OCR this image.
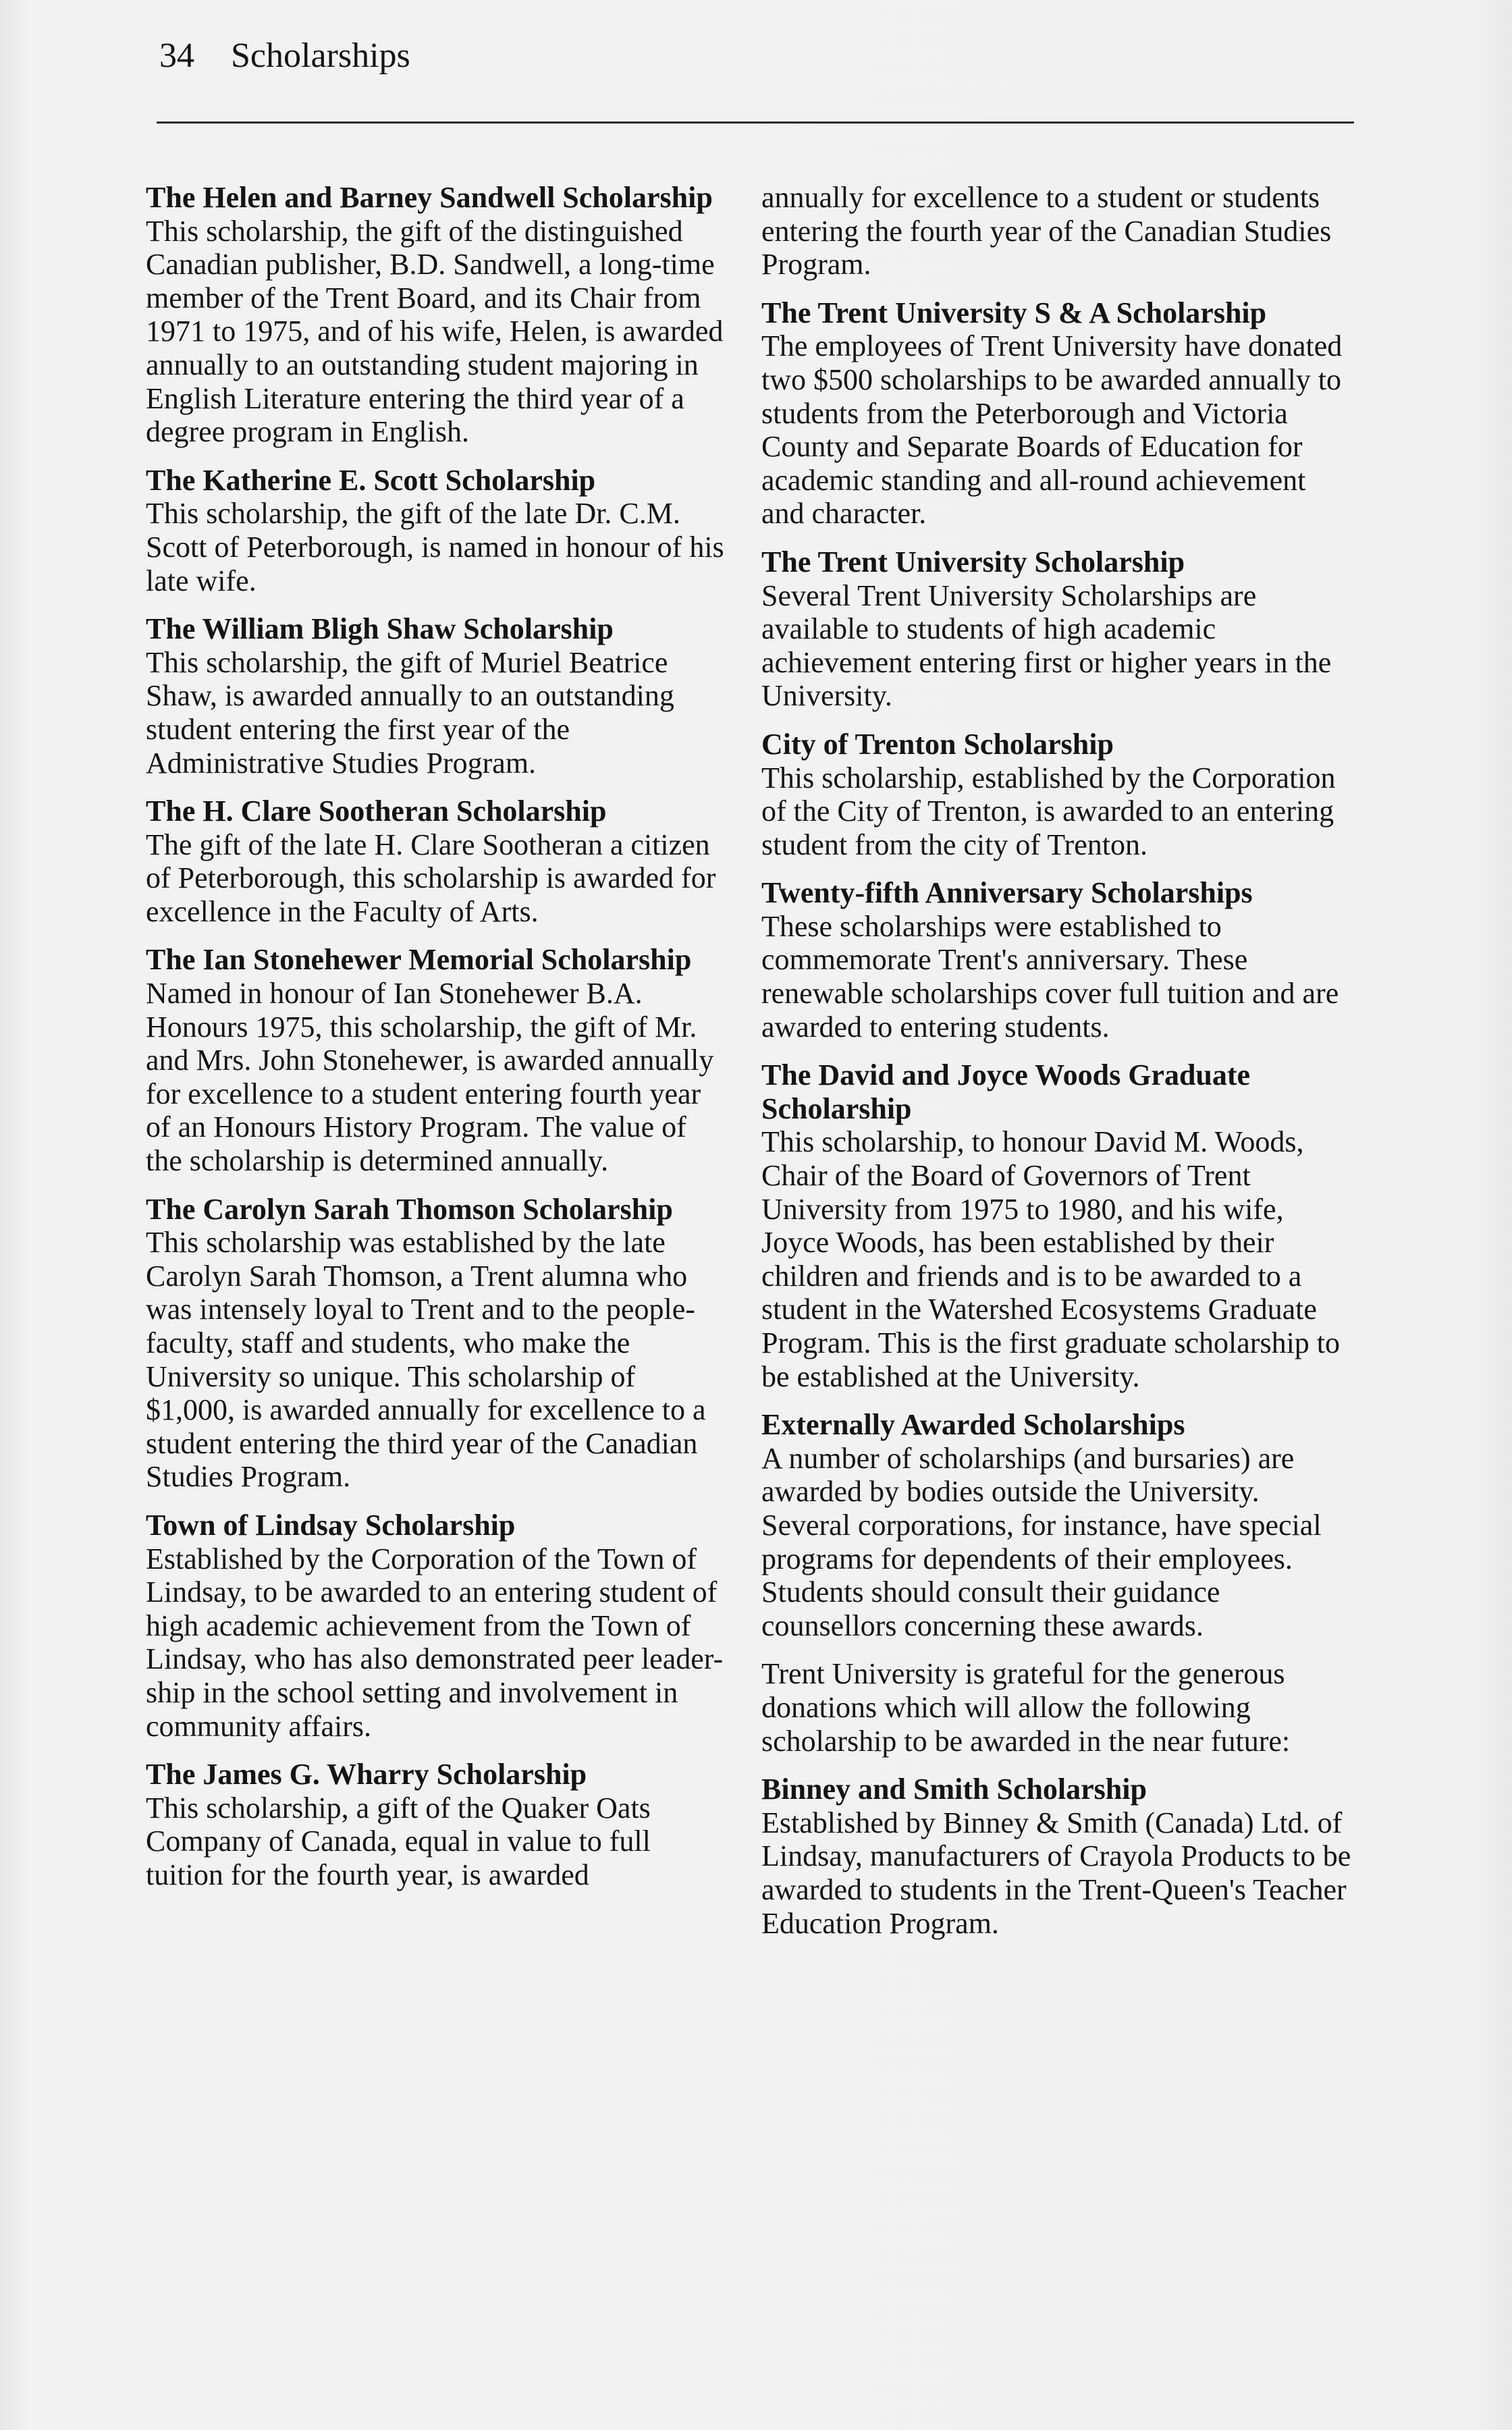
34 Scholarships
The Helen and Barney Sandwell Scholarship

This scholarship, the gift of the distinguished Canadian publisher, B.D. Sandwell, a long-time member of the Trent Board, and its Chair from 1971 to 1975, and of his wife, Helen, is awarded annually to an outstanding student majoring in English Literature entering the third year of a degree program in English.

The Katherine E. Scott Scholarship

This scholarship, the gift of the late Dr. C.M. Scott of Peterborough, is named in honour of his late wife.

The William Bligh Shaw Scholarship

This scholarship, the gift of Muriel Beatrice Shaw, is awarded annually to an outstanding student entering the first year of the Administrative Studies Program.

The H. Clare Sootheran Scholarship

The gift of the late H. Clare Sootheran a citizen of Peterborough, this scholarship is awarded for excellence in the Faculty of Arts.

The Ian Stonehewer Memorial Scholarship

Named in honour of Ian Stonehewer B.A. Honours 1975, this scholarship, the gift of Mr. and Mrs. John Stonehewer, is awarded annually for excellence to a student entering fourth year of an Honours History Program. The value of the scholarship is determined annually.

The Carolyn Sarah Thomson Scholarship

This scholarship was established by the late Carolyn Sarah Thomson, a Trent alumna who was intensely loyal to Trent and to the people-faculty, staff and students, who make the University so unique. This scholarship of $1,000, is awarded annually for excellence to a student entering the third year of the Canadian Studies Program.

Town of Lindsay Scholarship

Established by the Corporation of the Town of Lindsay, to be awarded to an entering student of high academic achievement from the Town of Lindsay, who has also demonstrated peer leader-ship in the school setting and involvement in community affairs.

The James G. Wharry Scholarship

This scholarship, a gift of the Quaker Oats Company of Canada, equal in value to full tuition for the fourth year, is awarded

annually for excellence to a student or students entering the fourth year of the Canadian Studies Program.

The Trent University S & A Scholarship

The employees of Trent University have donated two $500 scholarships to be awarded annually to students from the Peterborough and Victoria County and Separate Boards of Education for academic standing and all-round achievement and character.

The Trent University Scholarship

Several Trent University Scholarships are available to students of high academic achievement entering first or higher years in the University.

City of Trenton Scholarship

This scholarship, established by the Corporation of the City of Trenton, is awarded to an entering student from the city of Trenton.

Twenty-fifth Anniversary Scholarships

These scholarships were established to commemorate Trent's anniversary. These renewable scholarships cover full tuition and are awarded to entering students.

The David and Joyce Woods Graduate Scholarship

This scholarship, to honour David M. Woods, Chair of the Board of Governors of Trent University from 1975 to 1980, and his wife, Joyce Woods, has been established by their children and friends and is to be awarded to a student in the Watershed Ecosystems Graduate Program. This is the first graduate scholarship to be established at the University.

Externally Awarded Scholarships

A number of scholarships (and bursaries) are awarded by bodies outside the University. Several corporations, for instance, have special programs for dependents of their employees. Students should consult their guidance counsellors concerning these awards.

Trent University is grateful for the generous donations which will allow the following scholarship to be awarded in the near future:

Binney and Smith Scholarship

Established by Binney & Smith (Canada) Ltd. of Lindsay, manufacturers of Crayola Products to be awarded to students in the Trent-Queen's Teacher Education Program.
